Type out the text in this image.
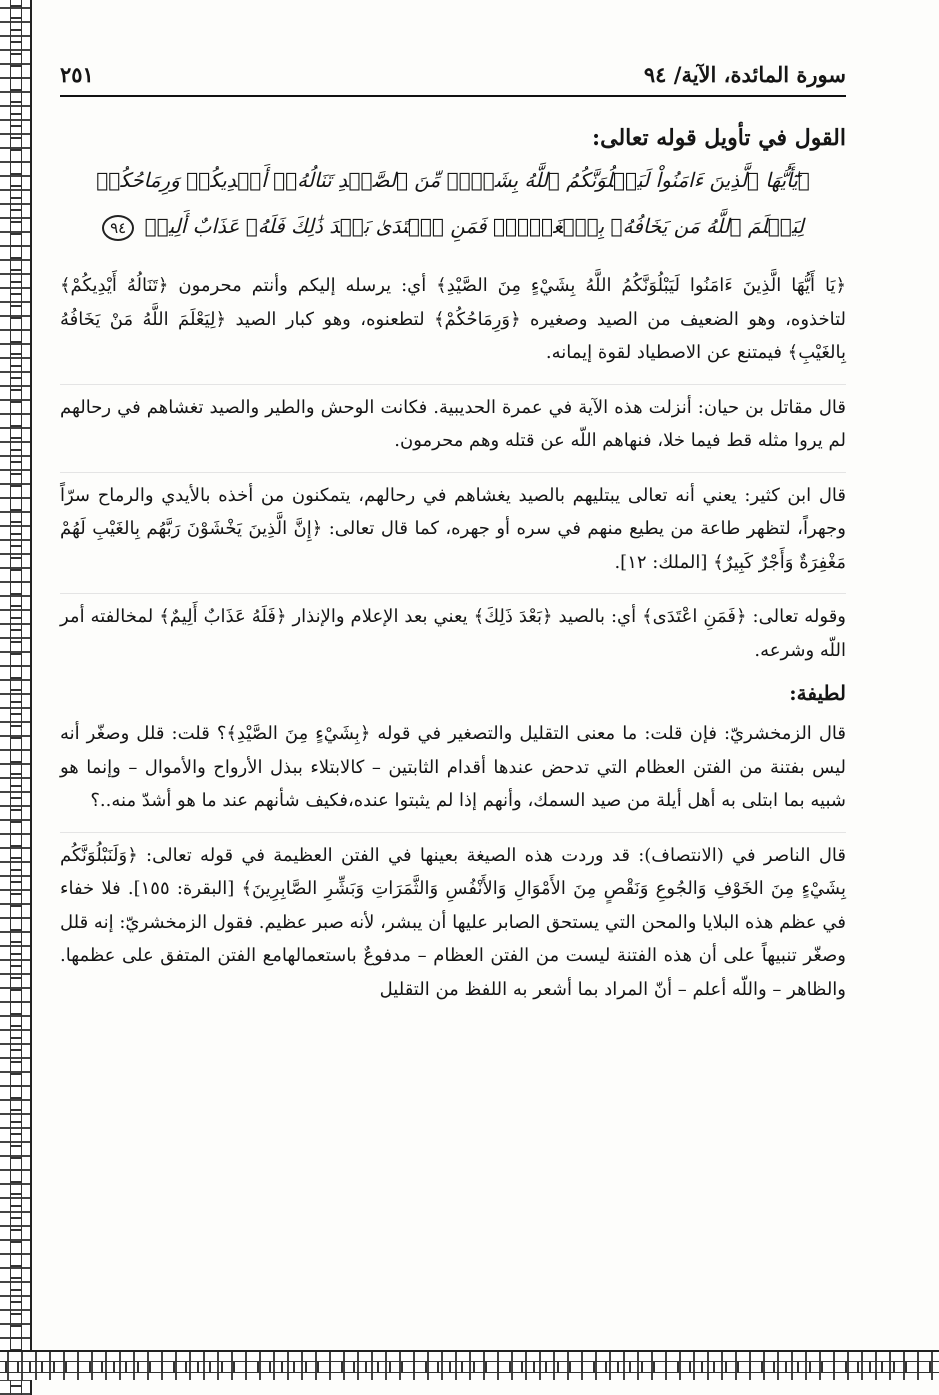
سورة المائدة، الآية/ ٩٤
٢٥١
القول في تأويل قوله تعالى:
﴿يَٰٓأَيُّهَا ٱلَّذِينَ ءَامَنُواْ لَيَبۡلُوَنَّكُمُ ٱللَّهُ بِشَيۡءٖ مِّنَ ٱلصَّيۡدِ تَنَالُهُۥٓ أَيۡدِيكُمۡ وَرِمَاحُكُمۡ لِيَعۡلَمَ ٱللَّهُ مَن يَخَافُهُۥ بِٱلۡغَيۡبِۚ فَمَنِ ٱعۡتَدَىٰ بَعۡدَ ذَٰلِكَ فَلَهُۥ عَذَابٌ أَلِيمٞ ٩٤

﴿يَا أَيُّهَا الَّذِينَ ءَامَنُوا لَيَبْلُوَنَّكُمُ اللَّهُ بِشَيْءٍ مِنَ الصَّيْدِ﴾ أي: يرسله إليكم وأنتم محرمون ﴿تَنَالُهُ أَيْدِيكُمْ﴾ لتاخذوه، وهو الضعيف من الصيد وصغيره ﴿وَرِمَاحُكُمْ﴾ لتطعنوه، وهو كبار الصيد ﴿لِيَعْلَمَ اللَّهُ مَنْ يَخَافُهُ بِالغَيْبِ﴾ فيمتنع عن الاصطياد لقوة إيمانه.

قال مقاتل بن حيان: أنزلت هذه الآية في عمرة الحديبية. فكانت الوحش والطير والصيد تغشاهم في رحالهم لم يروا مثله قط فيما خلا، فنهاهم اللّه عن قتله وهم محرمون.

قال ابن كثير: يعني أنه تعالى يبتليهم بالصيد يغشاهم في رحالهم، يتمكنون من أخذه بالأيدي والرماح سرّاً وجهراً، لتظهر طاعة من يطيع منهم في سره أو جهره، كما قال تعالى: ﴿إِنَّ الَّذِينَ يَخْشَوْنَ رَبَّهُم بِالغَيْبِ لَهُمْ مَغْفِرَةٌ وَأَجْرٌ كَبِيرٌ﴾ [الملك: ١٢].

وقوله تعالى: ﴿فَمَنِ اعْتَدَى﴾ أي: بالصيد ﴿بَعْدَ ذَلِكَ﴾ يعني بعد الإعلام والإنذار ﴿فَلَهُ عَذَابٌ أَلِيمٌ﴾ لمخالفته أمر اللّه وشرعه.

لطيفة:

قال الزمخشريّ: فإن قلت: ما معنى التقليل والتصغير في قوله ﴿بِشَيْءٍ مِنَ الصَّيْدِ﴾؟ قلت: قلل وصغّر أنه ليس بفتنة من الفتن العظام التي تدحض عندها أقدام الثابتين – كالابتلاء ببذل الأرواح والأموال – وإنما هو شبيه بما ابتلى به أهل أيلة من صيد السمك، وأنهم إذا لم يثبتوا عنده،فكيف شأنهم عند ما هو أشدّ منه..؟

قال الناصر في (الانتصاف): قد وردت هذه الصيغة بعينها في الفتن العظيمة في قوله تعالى: ﴿وَلَنَبْلُوَنَّكُم بِشَيْءٍ مِنَ الخَوْفِ وَالجُوعِ وَنَقْصٍ مِنَ الأَمْوَالِ وَالأَنْفُسِ وَالثَّمَرَاتِ وَبَشِّرِ الصَّابِرِينَ﴾ [البقرة: ١٥٥]. فلا خفاء في عظم هذه البلايا والمحن التي يستحق الصابر عليها أن يبشر، لأنه صبر عظيم. فقول الزمخشريّ: إنه قلل وصغّر تنبيهاً على أن هذه الفتنة ليست من الفتن العظام – مدفوعٌ باستعمالهامع الفتن المتفق على عظمها. والظاهر – واللّه أعلم – أنّ المراد بما أشعر به اللفظ من التقليل
